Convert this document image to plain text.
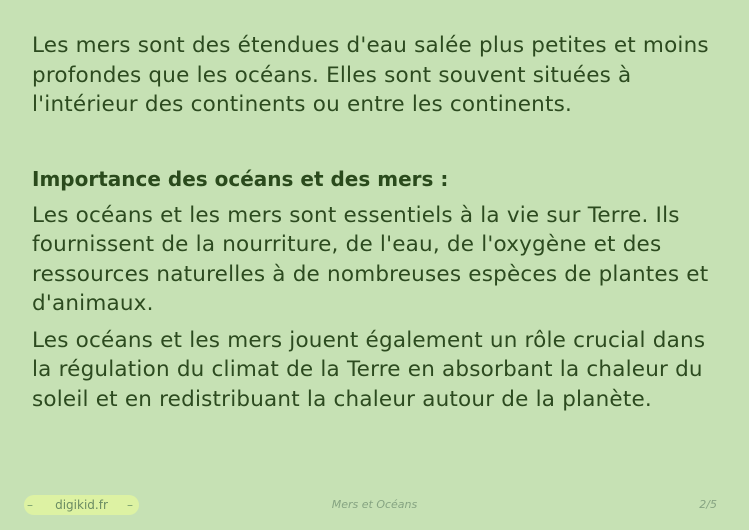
Les mers sont des étendues d'eau salée plus petites et moins profondes que les océans. Elles sont souvent situées à l'intérieur des continents ou entre les continents.

Importance des océans et des mers :

Les océans et les mers sont essentiels à la vie sur Terre. Ils fournissent de la nourriture, de l'eau, de l'oxygène et des ressources naturelles à de nombreuses espèces de plantes et d'animaux.

Les océans et les mers jouent également un rôle crucial dans la régulation du climat de la Terre en absorbant la chaleur du soleil et en redistribuant la chaleur autour de la planète.

– digikid.fr –	Mers et Océans	2/5
